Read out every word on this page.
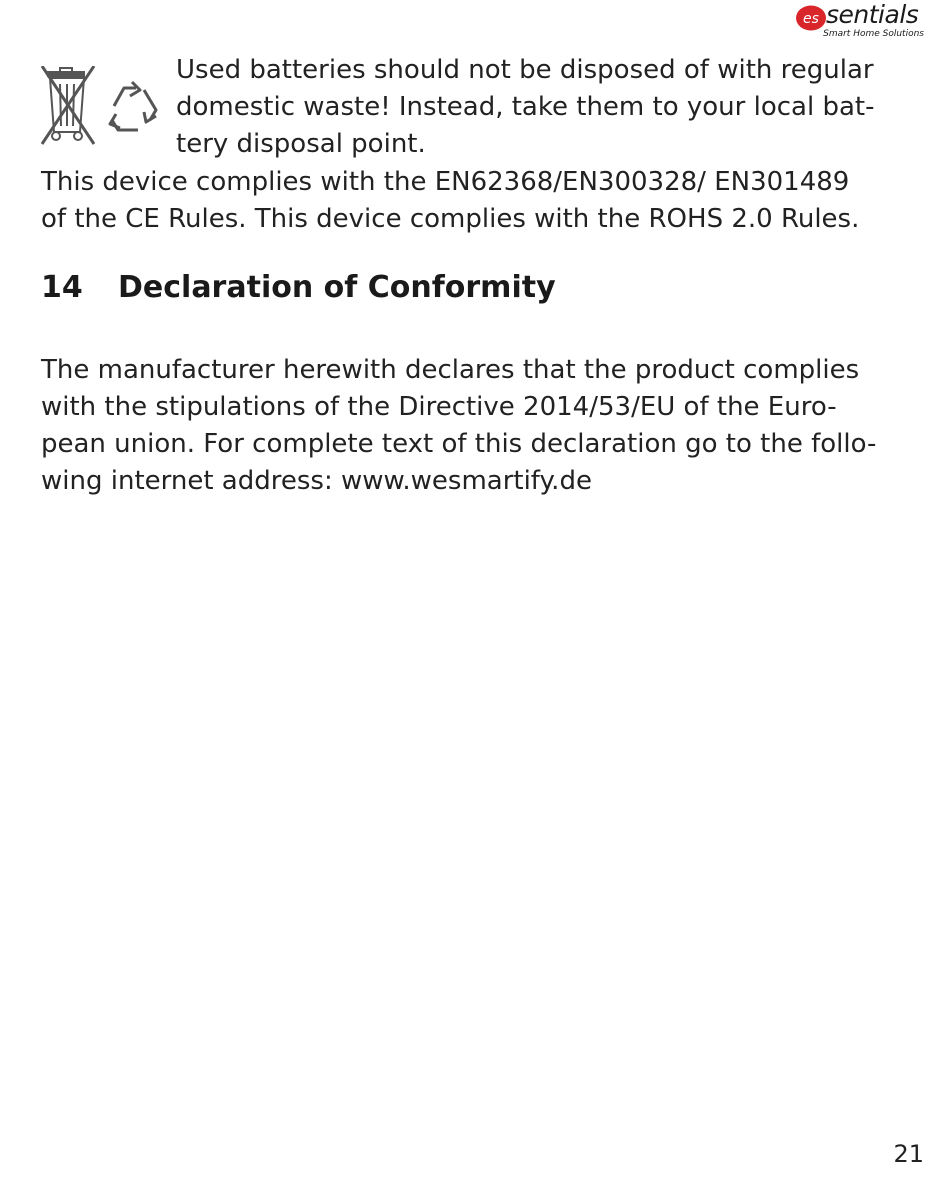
es sentials
Smart Home Solutions

Used batteries should not be disposed of with regular
domestic waste! Instead, take them to your local bat-
tery disposal point.

This device complies with the EN62368/EN300328/ EN301489
of the CE Rules. This device complies with the ROHS 2.0 Rules.

14 Declaration of Conformity

The manufacturer herewith declares that the product complies
with the stipulations of the Directive 2014/53/EU of the Euro-
pean union. For complete text of this declaration go to the follo-
wing internet address: www.wesmartify.de

21
